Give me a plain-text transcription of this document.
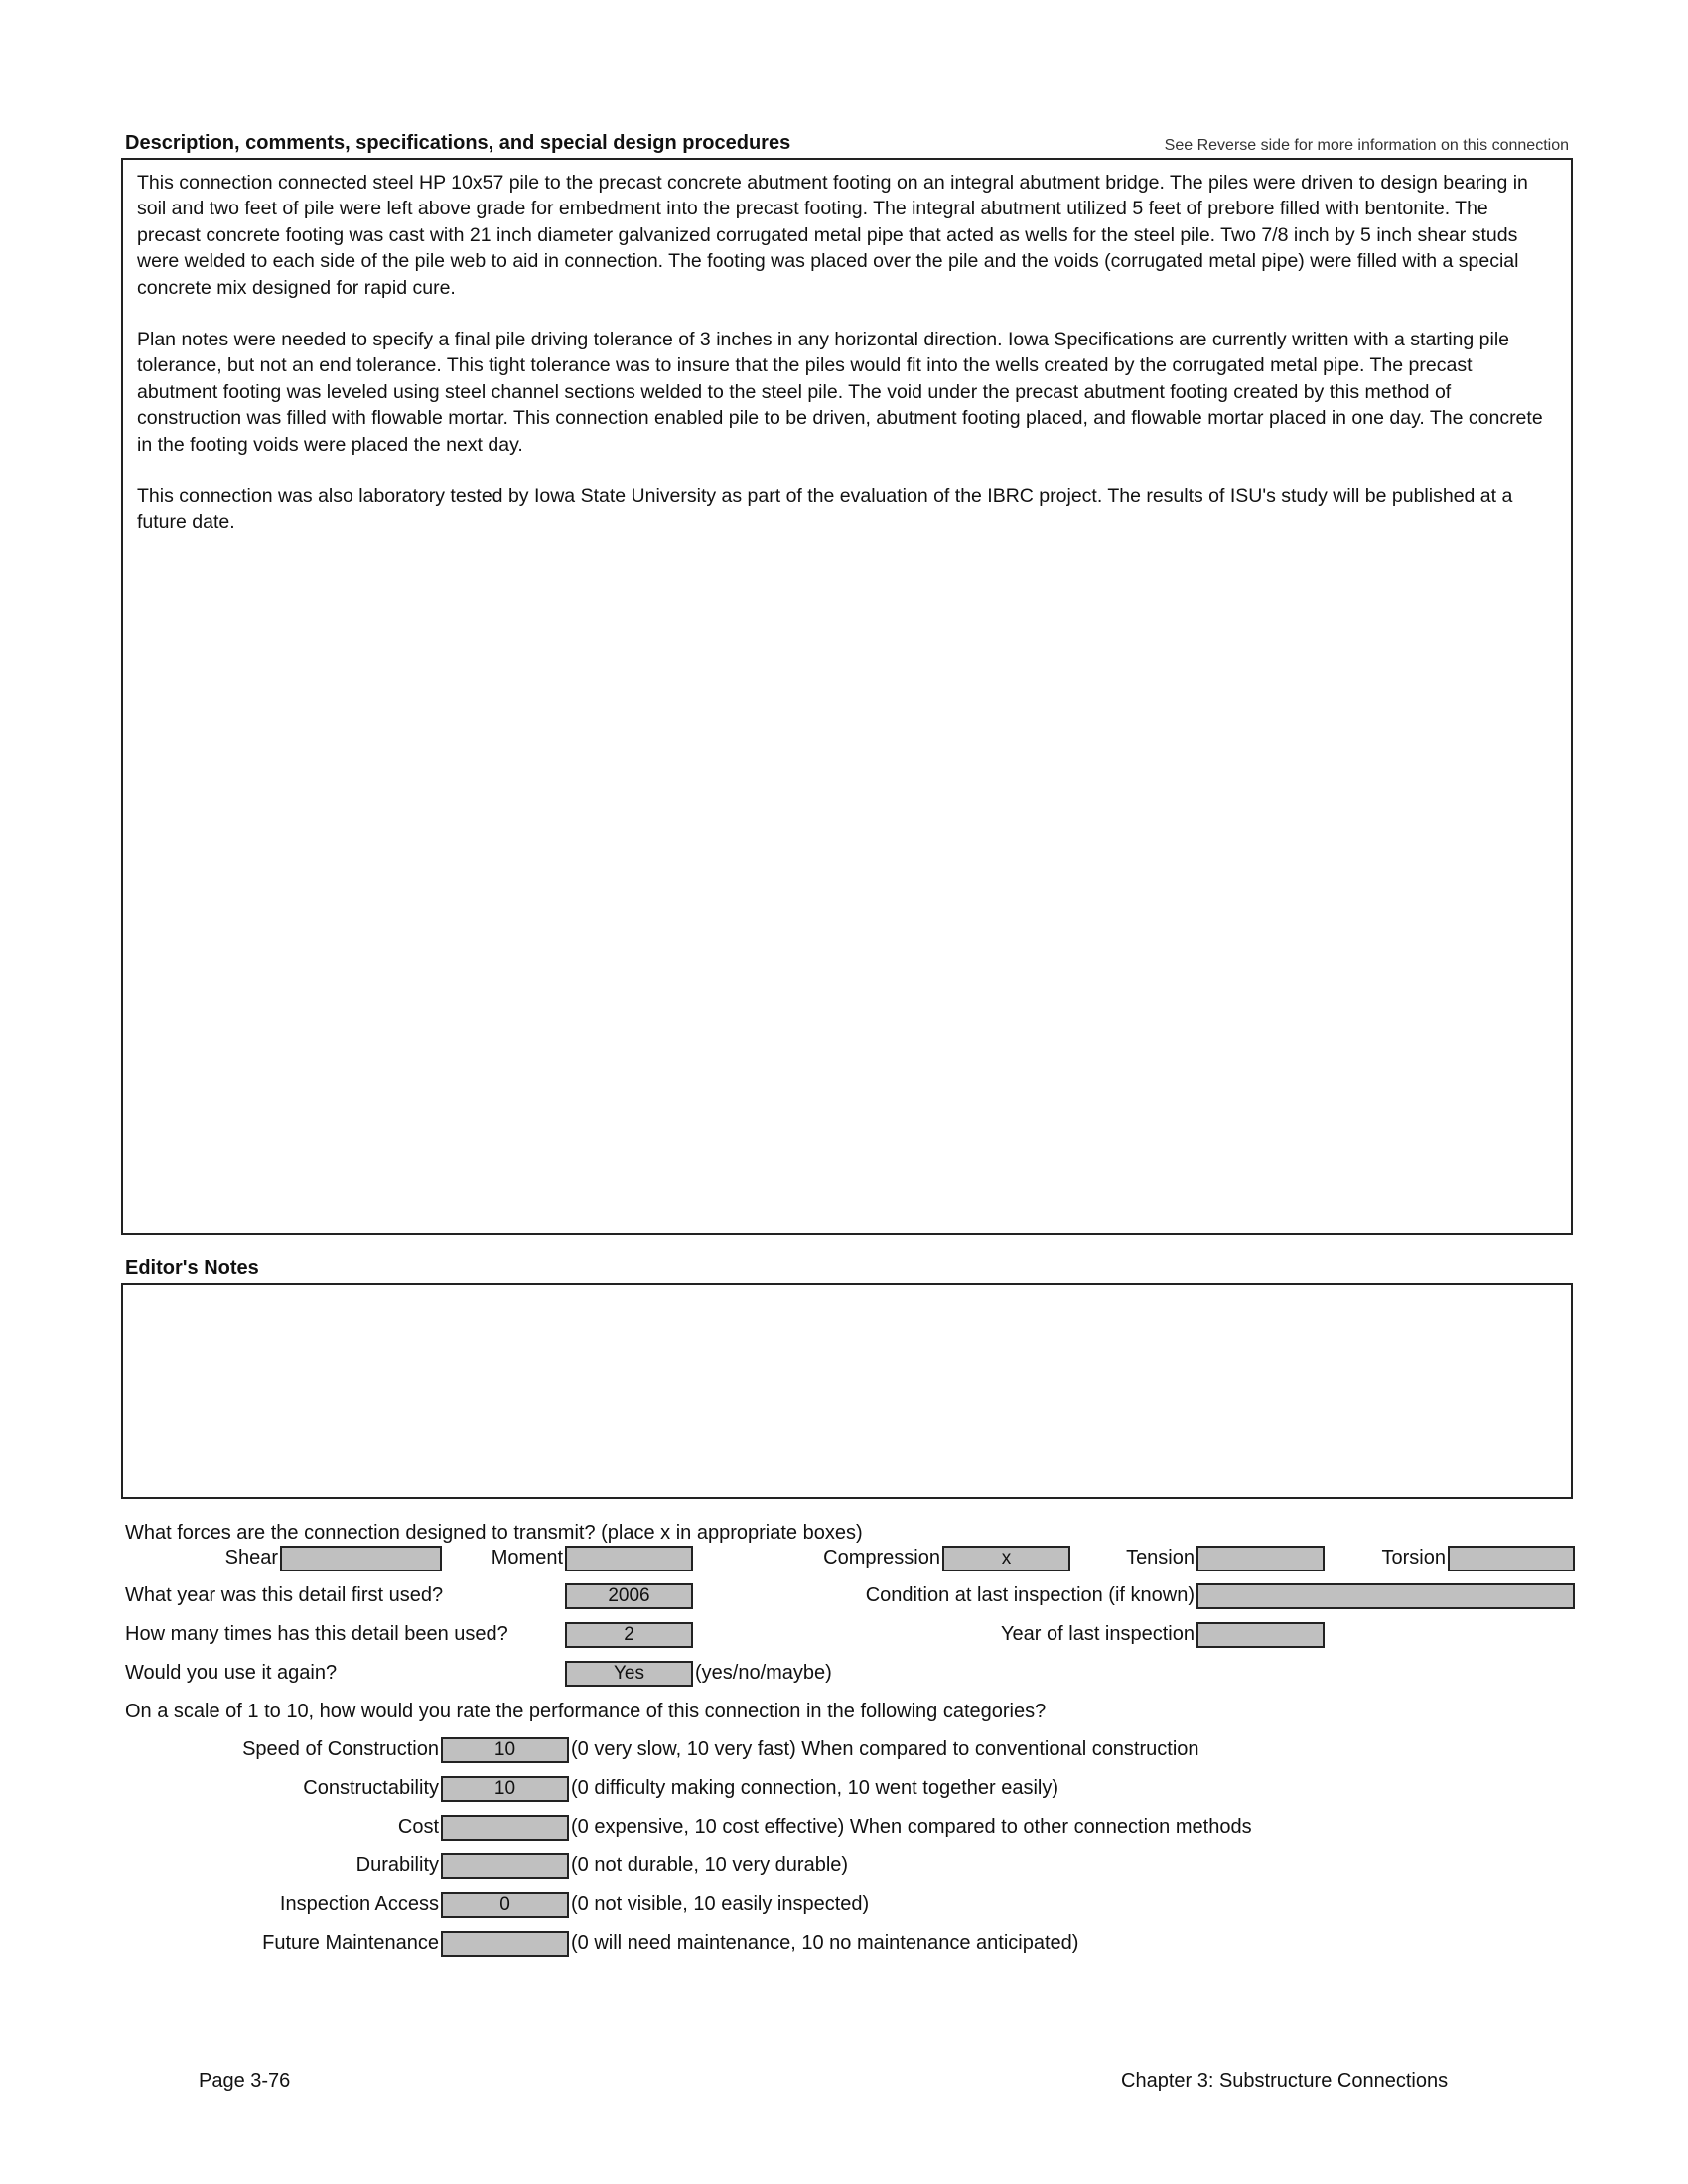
Description, comments, specifications, and special design procedures	See Reverse side for more information on this connection

This connection connected steel HP 10x57 pile to the precast concrete abutment footing on an integral abutment bridge. The piles were driven to design bearing in soil and two feet of pile were left above grade for embedment into the precast footing. The integral abutment utilized 5 feet of prebore filled with bentonite. The precast concrete footing was cast with 21 inch diameter galvanized corrugated metal pipe that acted as wells for the steel pile. Two 7/8 inch by 5 inch shear studs were welded to each side of the pile web to aid in connection. The footing was placed over the pile and the voids (corrugated metal pipe) were filled with a special concrete mix designed for rapid cure.

Plan notes were needed to specify a final pile driving tolerance of 3 inches in any horizontal direction. Iowa Specifications are currently written with a starting pile tolerance, but not an end tolerance. This tight tolerance was to insure that the piles would fit into the wells created by the corrugated metal pipe. The precast abutment footing was leveled using steel channel sections welded to the steel pile. The void under the precast abutment footing created by this method of construction was filled with flowable mortar. This connection enabled pile to be driven, abutment footing placed, and flowable mortar placed in one day. The concrete in the footing voids were placed the next day.

This connection was also laboratory tested by Iowa State University as part of the evaluation of the IBRC project. The results of ISU's study will be published at a future date.

Editor's Notes
What forces are the connection designed to transmit? (place x in appropriate boxes)
Shear	Moment	Compression	x	Tension	Torsion
What year was this detail first used?	2006	Condition at last inspection (if known)
How many times has this detail been used?	2	Year of last inspection
Would you use it again?	Yes	(yes/no/maybe)
On a scale of 1 to 10, how would you rate the performance of this connection in the following categories?
Speed of Construction	10	(0 very slow, 10 very fast) When compared to conventional construction
Constructability	10	(0 difficulty making connection, 10 went together easily)
Cost	(0 expensive, 10 cost effective) When compared to other connection methods
Durability	(0 not durable, 10 very durable)
Inspection Access	0	(0 not visible, 10 easily inspected)
Future Maintenance	(0 will need maintenance, 10 no maintenance anticipated)
Page 3-76	Chapter 3: Substructure Connections
